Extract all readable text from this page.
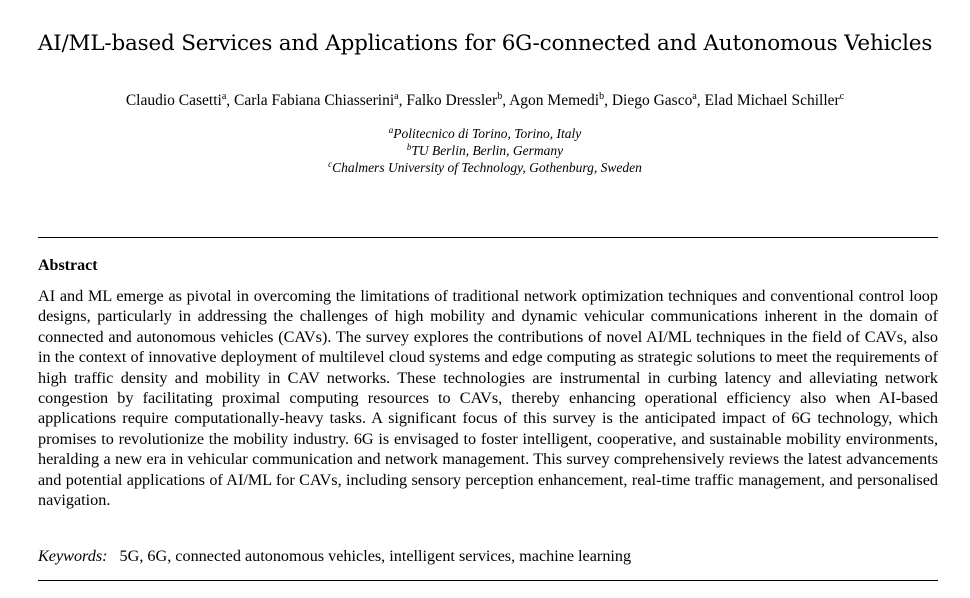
AI/ML-based Services and Applications for 6G-connected and Autonomous Vehicles
Claudio Casetti$^a$, Carla Fabiana Chiasserini$^a$, Falko Dressler$^b$, Agon Memedi$^b$, Diego Gasco$^a$, Elad Michael Schiller$^c$
$^a$Politecnico di Torino, Torino, Italy
$^b$TU Berlin, Berlin, Germany
$^c$Chalmers University of Technology, Gothenburg, Sweden
Abstract

AI and ML emerge as pivotal in overcoming the limitations of traditional network optimization techniques and conventional control loop designs, particularly in addressing the challenges of high mobility and dynamic vehicular communications inherent in the domain of connected and autonomous vehicles (CAVs). The survey explores the contributions of novel AI/ML techniques in the field of CAVs, also in the context of innovative deployment of multilevel cloud systems and edge computing as strategic solutions to meet the requirements of high traffic density and mobility in CAV networks. These technologies are instrumental in curbing latency and alleviating network congestion by facilitating proximal computing resources to CAVs, thereby enhancing operational efficiency also when AI-based applications require computationally-heavy tasks. A significant focus of this survey is the anticipated impact of 6G technology, which promises to revolutionize the mobility industry. 6G is envisaged to foster intelligent, cooperative, and sustainable mobility environments, heralding a new era in vehicular communication and network management. This survey comprehensively reviews the latest advancements and potential applications of AI/ML for CAVs, including sensory perception enhancement, real-time traffic management, and personalised navigation.

Keywords: 5G, 6G, connected autonomous vehicles, intelligent services, machine learning
